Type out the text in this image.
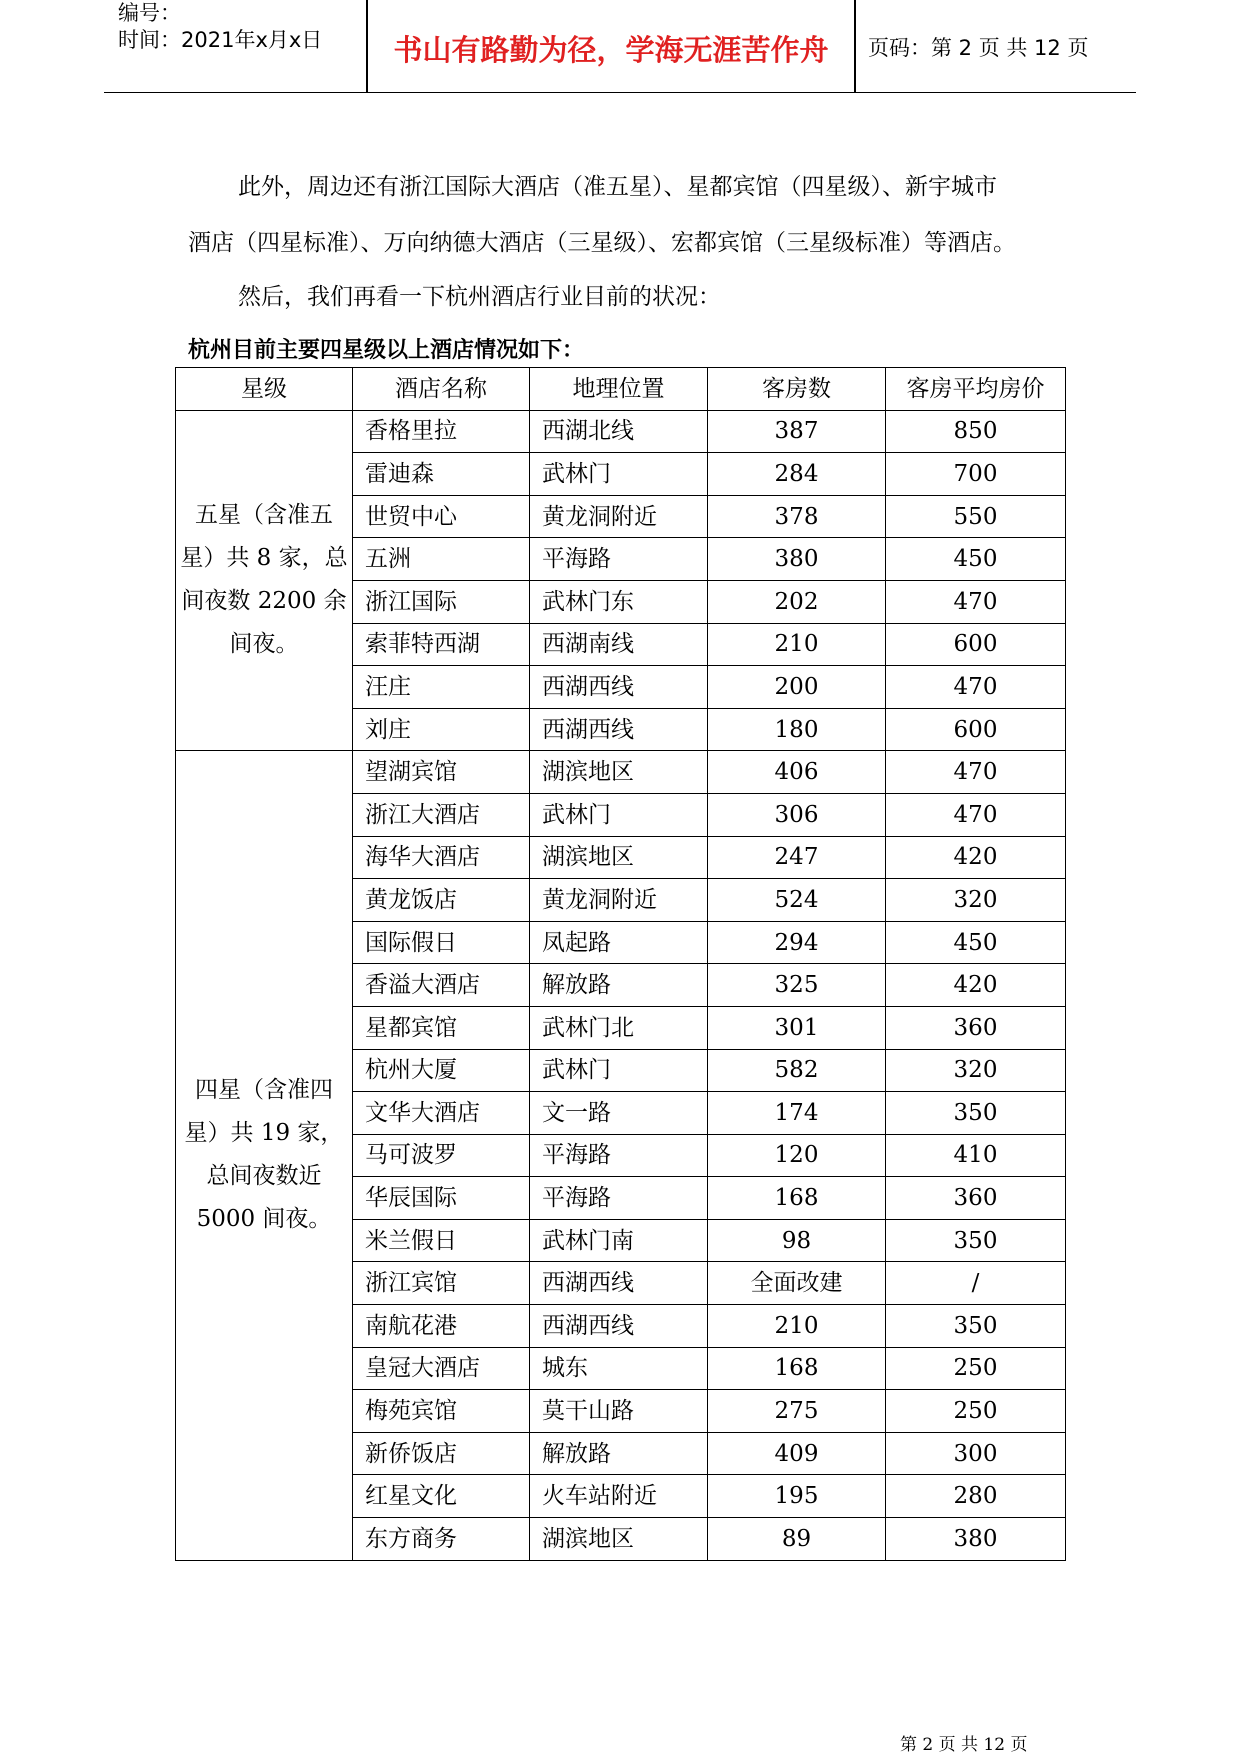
编号：
时间：2021年x月x日	书山有路勤为径，学海无涯苦作舟	页码：第 2 页 共 12 页
此外，周边还有浙江国际大酒店（准五星）、星都宾馆（四星级）、新宇城市
酒店（四星标准）、万向纳德大酒店（三星级）、宏都宾馆（三星级标准）等酒店。
然后，我们再看一下杭州酒店行业目前的状况：
杭州目前主要四星级以上酒店情况如下：
星级	酒店名称	地理位置	客房数	客房平均房价
五星（含准五星）共 8 家，总间夜数 2200 余间夜。	香格里拉	西湖北线	387	850
	雷迪森	武林门	284	700
	世贸中心	黄龙洞附近	378	550
	五洲	平海路	380	450
	浙江国际	武林门东	202	470
	索菲特西湖	西湖南线	210	600
	汪庄	西湖西线	200	470
	刘庄	西湖西线	180	600
四星（含准四星）共 19 家，总间夜数近 5000 间夜。	望湖宾馆	湖滨地区	406	470
	浙江大酒店	武林门	306	470
	海华大酒店	湖滨地区	247	420
	黄龙饭店	黄龙洞附近	524	320
	国际假日	凤起路	294	450
	香溢大酒店	解放路	325	420
	星都宾馆	武林门北	301	360
	杭州大厦	武林门	582	320
	文华大酒店	文一路	174	350
	马可波罗	平海路	120	410
	华辰国际	平海路	168	360
	米兰假日	武林门南	98	350
	浙江宾馆	西湖西线	全面改建	/
	南航花港	西湖西线	210	350
	皇冠大酒店	城东	168	250
	梅苑宾馆	莫干山路	275	250
	新侨饭店	解放路	409	300
	红星文化	火车站附近	195	280
	东方商务	湖滨地区	89	380
第 2 页 共 12 页
